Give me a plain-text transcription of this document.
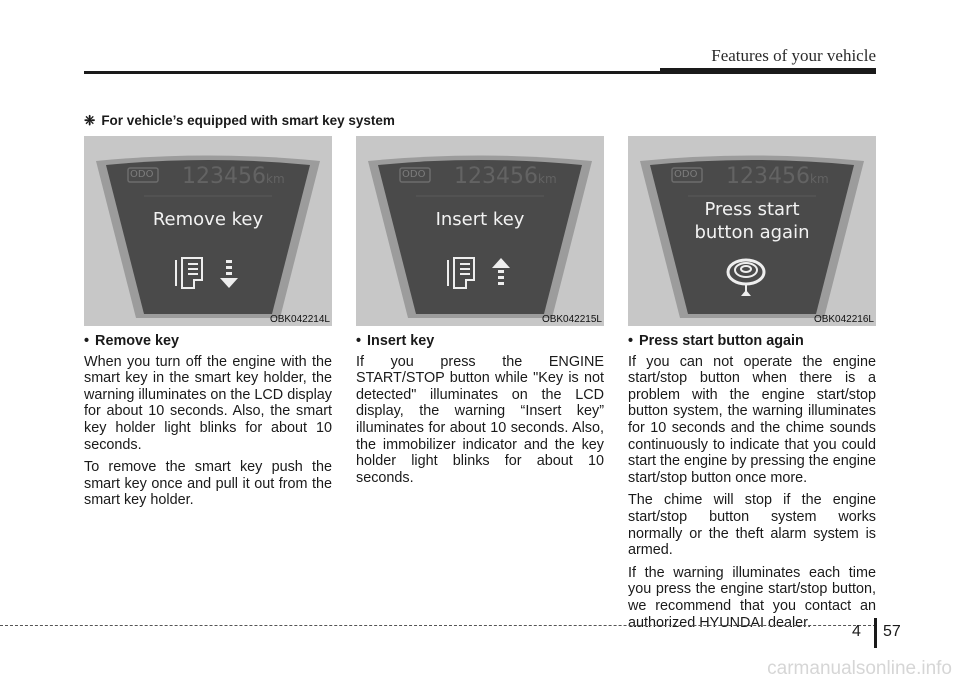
Features of your vehicle
❈ For vehicle’s equipped with smart key system
ODO 123456 km
Remove key
OBK042214L
ODO 123456 km
Insert key
OBK042215L
ODO 123456 km
Press start
button again
OBK042216L
• Remove key

When you turn off the engine with the smart key in the smart key holder, the warning illuminates on the LCD display for about 10 seconds. Also, the smart key holder light blinks for about 10 seconds.

To remove the smart key push the smart key once and pull it out from the smart key holder.

• Insert key

If you press the ENGINE START/STOP button while "Key is not detected" illuminates on the LCD display, the warning “Insert key” illuminates for about 10 seconds. Also, the immobilizer indicator and the key holder light blinks for about 10 seconds.

• Press start button again

If you can not operate the engine start/stop button when there is a problem with the engine start/stop button system, the warning illuminates for 10 seconds and the chime sounds continuously to indicate that you could start the engine by pressing the engine start/stop button once more.

The chime will stop if the engine start/stop button system works normally or the theft alarm system is armed.

If the warning illuminates each time you press the engine start/stop button, we recommend that you contact an authorized HYUNDAI dealer.

4 57
carmanualsonline.info
